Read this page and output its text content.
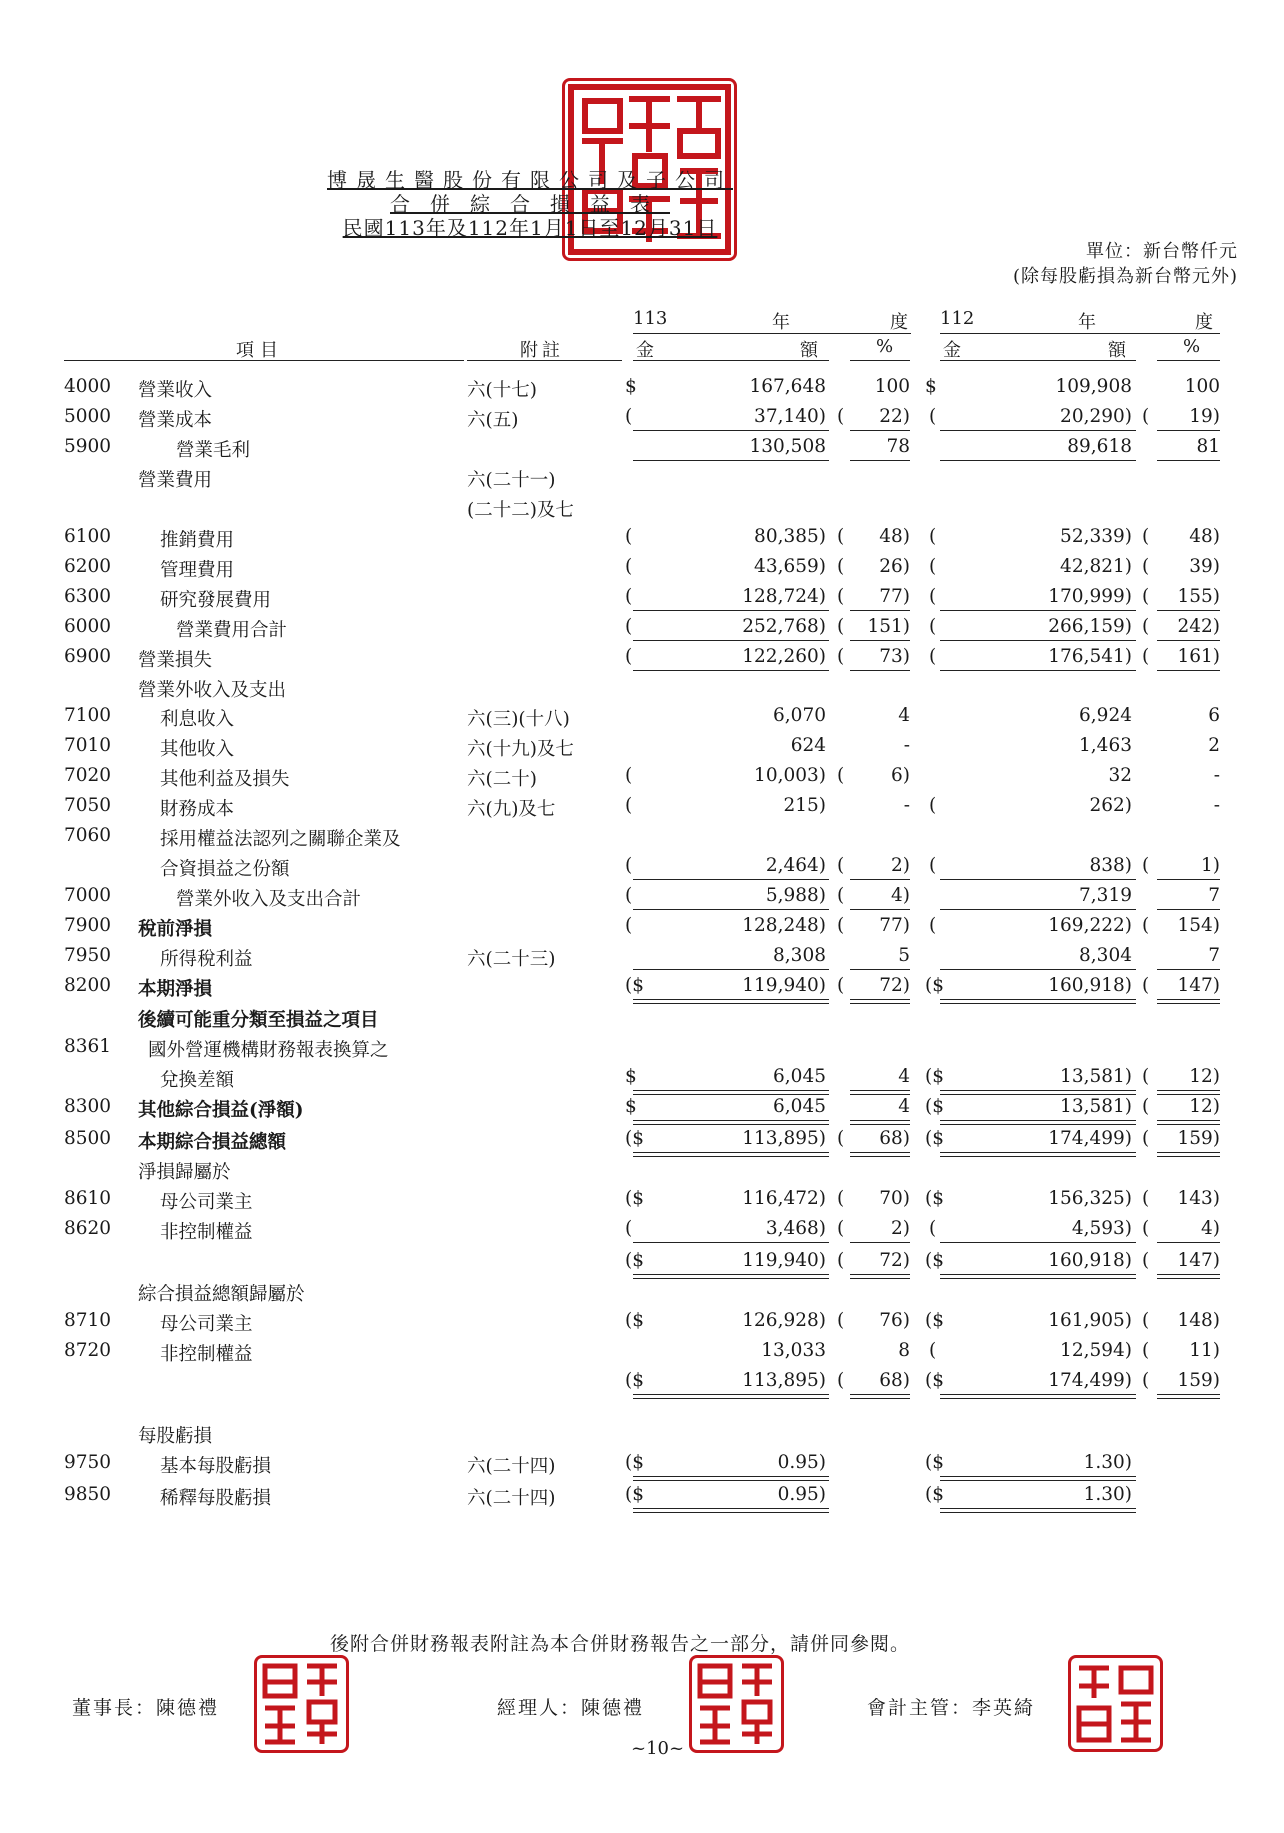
博晟生醫股份有限公司及子公司
合併綜合損益表
民國113年及112年1月1日至12月31日
單位：新台幣仟元
(除每股虧損為新台幣元外)
113	年	度 112	年	度
項目	附註	金	額	%	金	額	%
4000 營業收入	六(十七)	$	167,648	100 $	109,908	100
5000 營業成本	六(五)	(	37,140) (	22) (	20,290) (	19)
5900	營業毛利	130,508	78	89,618	81
營業費用	六(二十一)
(二十二)及七
6100	推銷費用	(	80,385) (	48) (	52,339) (	48)
6200	管理費用	(	43,659) (	26) (	42,821) (	39)
6300	研究發展費用	(	128,724) (	77) (	170,999) (	155)
6000	營業費用合計	(	252,768) (	151) (	266,159) (	242)
6900 營業損失	(	122,260) (	73) (	176,541) (	161)
營業外收入及支出
7100	利息收入	六(三)(十八)	6,070	4	6,924	6
7010	其他收入	六(十九)及七	624	-	1,463	2
7020	其他利益及損失	六(二十)	(	10,003) (	6)	32	-
7050	財務成本	六(九)及七	(	215)	- (	262)	-
7060	採用權益法認列之關聯企業及
合資損益之份額	(	2,464) (	2) (	838) (	1)
7000	營業外收入及支出合計	(	5,988) (	4)	7,319	7
7900 稅前淨損	(	128,248) (	77) (	169,222) (	154)
7950	所得稅利益	六(二十三)	8,308	5	8,304	7
8200 本期淨損	($	119,940) (	72) ($	160,918) (	147)
後續可能重分類至損益之項目
8361 國外營運機構財務報表換算之
兌換差額	$	6,045	4 ($	13,581) (	12)
8300 其他綜合損益(淨額)	$	6,045	4 ($	13,581) (	12)
8500 本期綜合損益總額	($	113,895) (	68) ($	174,499) (	159)
淨損歸屬於
8610	母公司業主	($	116,472) (	70) ($	156,325) (	143)
8620	非控制權益	(	3,468) (	2) (	4,593) (	4)
($	119,940) (	72) ($	160,918) (	147)
綜合損益總額歸屬於
8710	母公司業主	($	126,928) (	76) ($	161,905) (	148)
8720	非控制權益	13,033	8 (	12,594) (	11)
($	113,895) (	68) ($	174,499) (	159)
每股虧損
9750	基本每股虧損	六(二十四)	($	0.95)	($	1.30)
9850	稀釋每股虧損	六(二十四)	($	0.95)	($	1.30)
後附合併財務報表附註為本合併財務報告之一部分，請併同參閱。
董事長：陳德禮	經理人：陳德禮	會計主管：李英綺
~10~
